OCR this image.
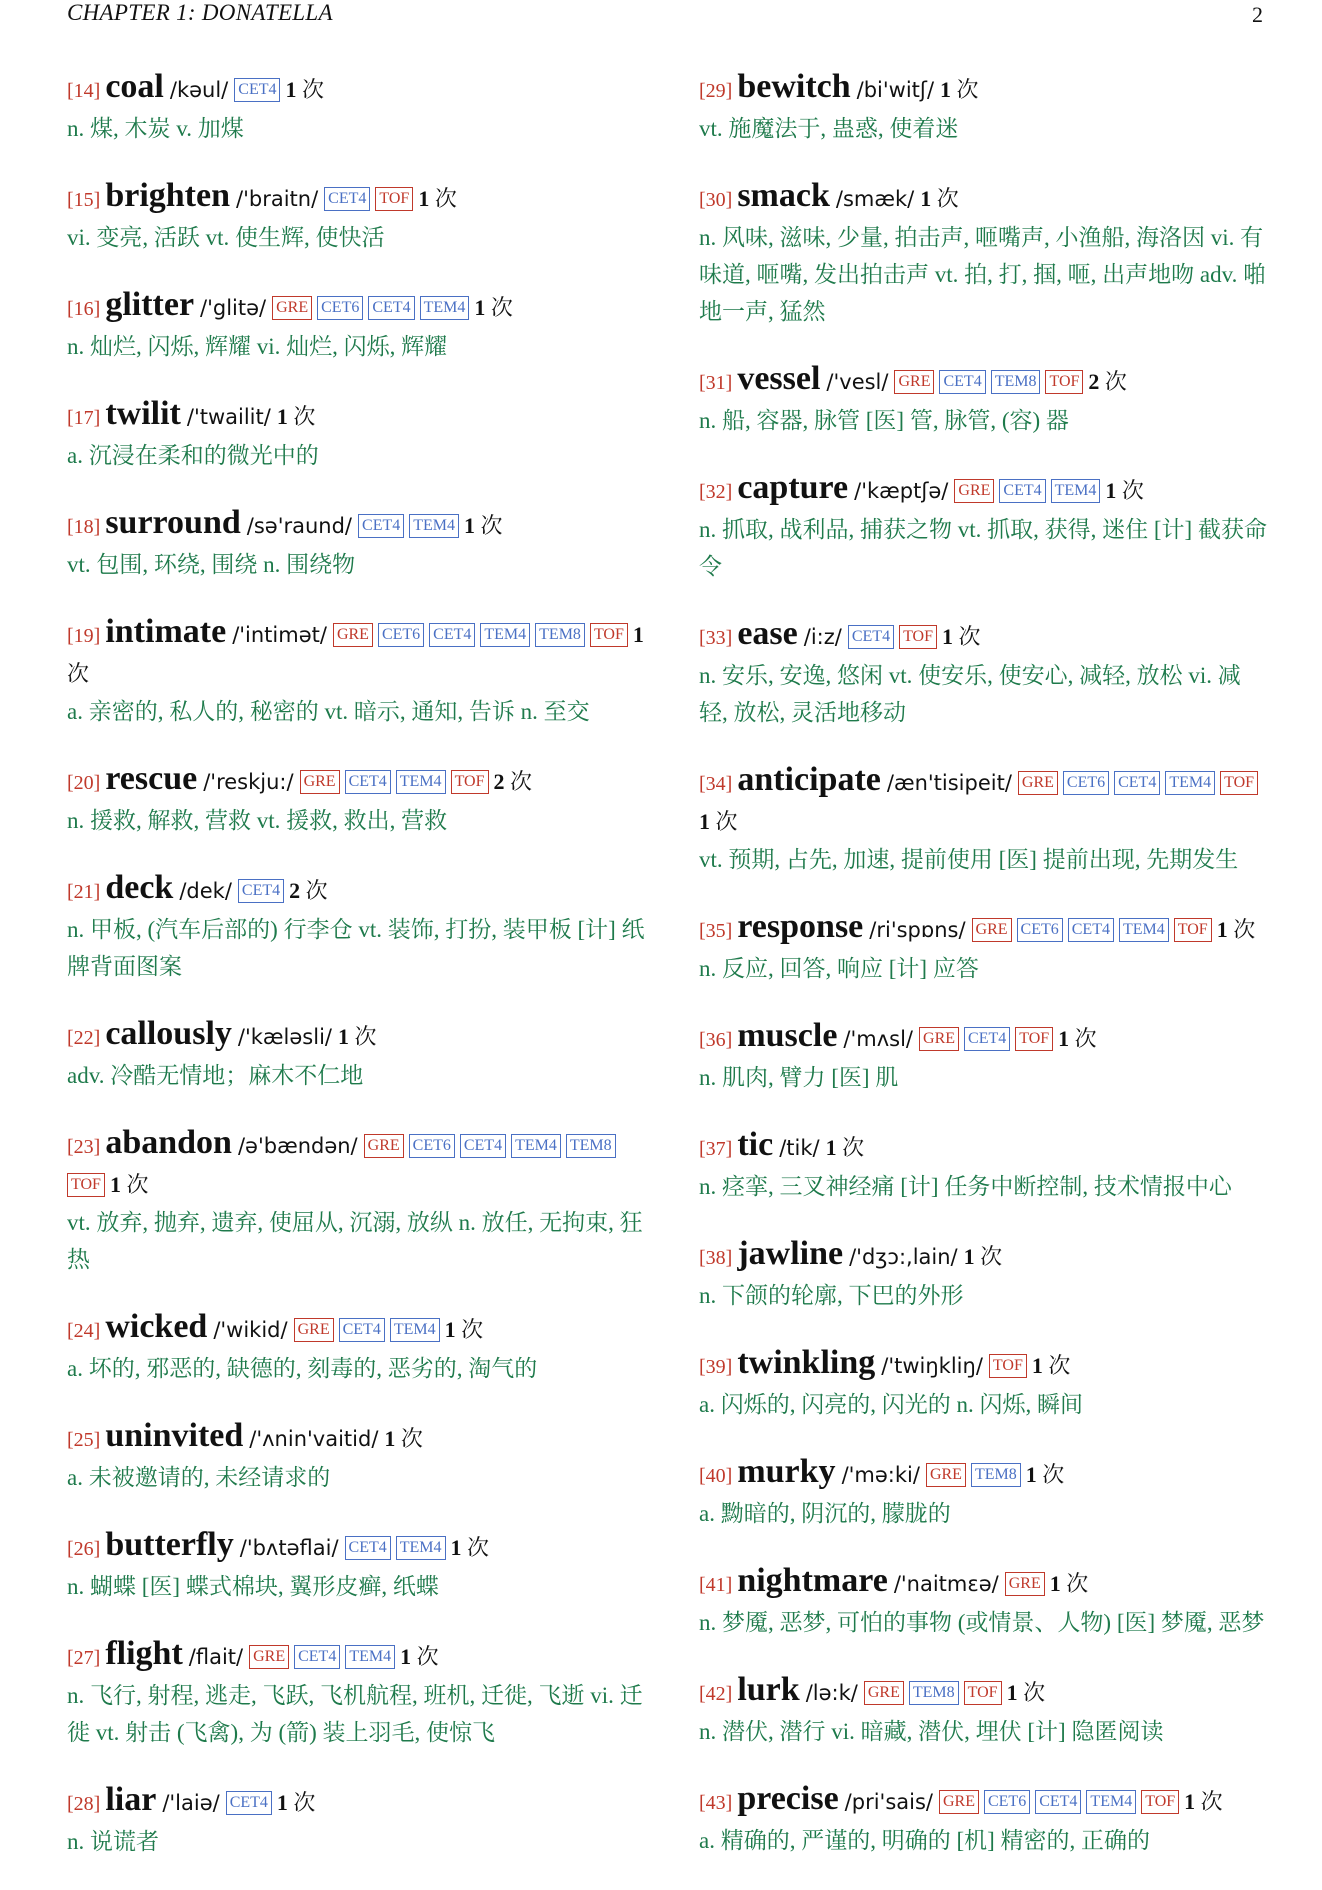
CHAPTER 1: DONATELLA	2
[14] coal /kəul/ CET4 1 次
n. 煤, 木炭 v. 加煤
[15] brighten /'braitn/ CET4 TOF 1 次
vi. 变亮, 活跃 vt. 使生辉, 使快活
[16] glitter /'glitə/ GRE CET6 CET4 TEM4 1 次
n. 灿烂, 闪烁, 辉耀 vi. 灿烂, 闪烁, 辉耀
[17] twilit /'twailit/ 1 次
a. 沉浸在柔和的微光中的
[18] surround /sə'raund/ CET4 TEM4 1 次
vt. 包围, 环绕, 围绕 n. 围绕物
[19] intimate /'intimət/ GRE CET6 CET4 TEM4 TEM8 TOF 1 次
a. 亲密的, 私人的, 秘密的 vt. 暗示, 通知, 告诉 n. 至交
[20] rescue /'reskju:/ GRE CET4 TEM4 TOF 2 次
n. 援救, 解救, 营救 vt. 援救, 救出, 营救
[21] deck /dek/ CET4 2 次
n. 甲板, (汽车后部的) 行李仓 vt. 装饰, 打扮, 装甲板 [计] 纸牌背面图案
[22] callously /'kæləsli/ 1 次
adv. 冷酷无情地；麻木不仁地
[23] abandon /ə'bændən/ GRE CET6 CET4 TEM4 TEM8TOF 1 次
vt. 放弃, 抛弃, 遗弃, 使屈从, 沉溺, 放纵 n. 放任, 无拘束, 狂热
[24] wicked /'wikid/ GRE CET4 TEM4 1 次
a. 坏的, 邪恶的, 缺德的, 刻毒的, 恶劣的, 淘气的
[25] uninvited /'ʌnin'vaitid/ 1 次
a. 未被邀请的, 未经请求的
[26] butterfly /'bʌtəflai/ CET4 TEM4 1 次
n. 蝴蝶 [医] 蝶式棉块, 翼形皮癣, 纸蝶
[27] flight /flait/ GRE CET4 TEM4 1 次
n. 飞行, 射程, 逃走, 飞跃, 飞机航程, 班机, 迁徙, 飞逝 vi. 迁徙 vt. 射击 (飞禽), 为 (箭) 装上羽毛, 使惊飞
[28] liar /'laiə/ CET4 1 次
n. 说谎者
[29] bewitch /bi'witʃ/ 1 次
vt. 施魔法于, 蛊惑, 使着迷
[30] smack /smæk/ 1 次
n. 风味, 滋味, 少量, 拍击声, 咂嘴声, 小渔船, 海洛因 vi. 有味道, 咂嘴, 发出拍击声 vt. 拍, 打, 掴, 咂, 出声地吻 adv. 啪地一声, 猛然
[31] vessel /'vesl/ GRE CET4 TEM8 TOF 2 次
n. 船, 容器, 脉管 [医] 管, 脉管, (容) 器
[32] capture /'kæptʃə/ GRE CET4 TEM4 1 次
n. 抓取, 战利品, 捕获之物 vt. 抓取, 获得, 迷住 [计] 截获命令
[33] ease /i:z/ CET4 TOF 1 次
n. 安乐, 安逸, 悠闲 vt. 使安乐, 使安心, 减轻, 放松 vi. 减轻, 放松, 灵活地移动
[34] anticipate /æn'tisipeit/ GRE CET6 CET4 TEM4 TOF1 次
vt. 预期, 占先, 加速, 提前使用 [医] 提前出现, 先期发生
[35] response /ri'spɒns/ GRE CET6 CET4 TEM4 TOF 1 次
n. 反应, 回答, 响应 [计] 应答
[36] muscle /'mʌsl/ GRE CET4 TOF 1 次
n. 肌肉, 臂力 [医] 肌
[37] tic /tik/ 1 次
n. 痉挛, 三叉神经痛 [计] 任务中断控制, 技术情报中心
[38] jawline /'dʒɔ:,lain/ 1 次
n. 下颌的轮廓, 下巴的外形
[39] twinkling /'twiŋkliŋ/ TOF 1 次
a. 闪烁的, 闪亮的, 闪光的 n. 闪烁, 瞬间
[40] murky /'mə:ki/ GRE TEM8 1 次
a. 黝暗的, 阴沉的, 朦胧的
[41] nightmare /'naitmɛə/ GRE 1 次
n. 梦魇, 恶梦, 可怕的事物 (或情景、人物) [医] 梦魇, 恶梦
[42] lurk /lə:k/ GRE TEM8 TOF 1 次
n. 潜伏, 潜行 vi. 暗藏, 潜伏, 埋伏 [计] 隐匿阅读
[43] precise /pri'sais/ GRE CET6 CET4 TEM4 TOF 1 次
a. 精确的, 严谨的, 明确的 [机] 精密的, 正确的
